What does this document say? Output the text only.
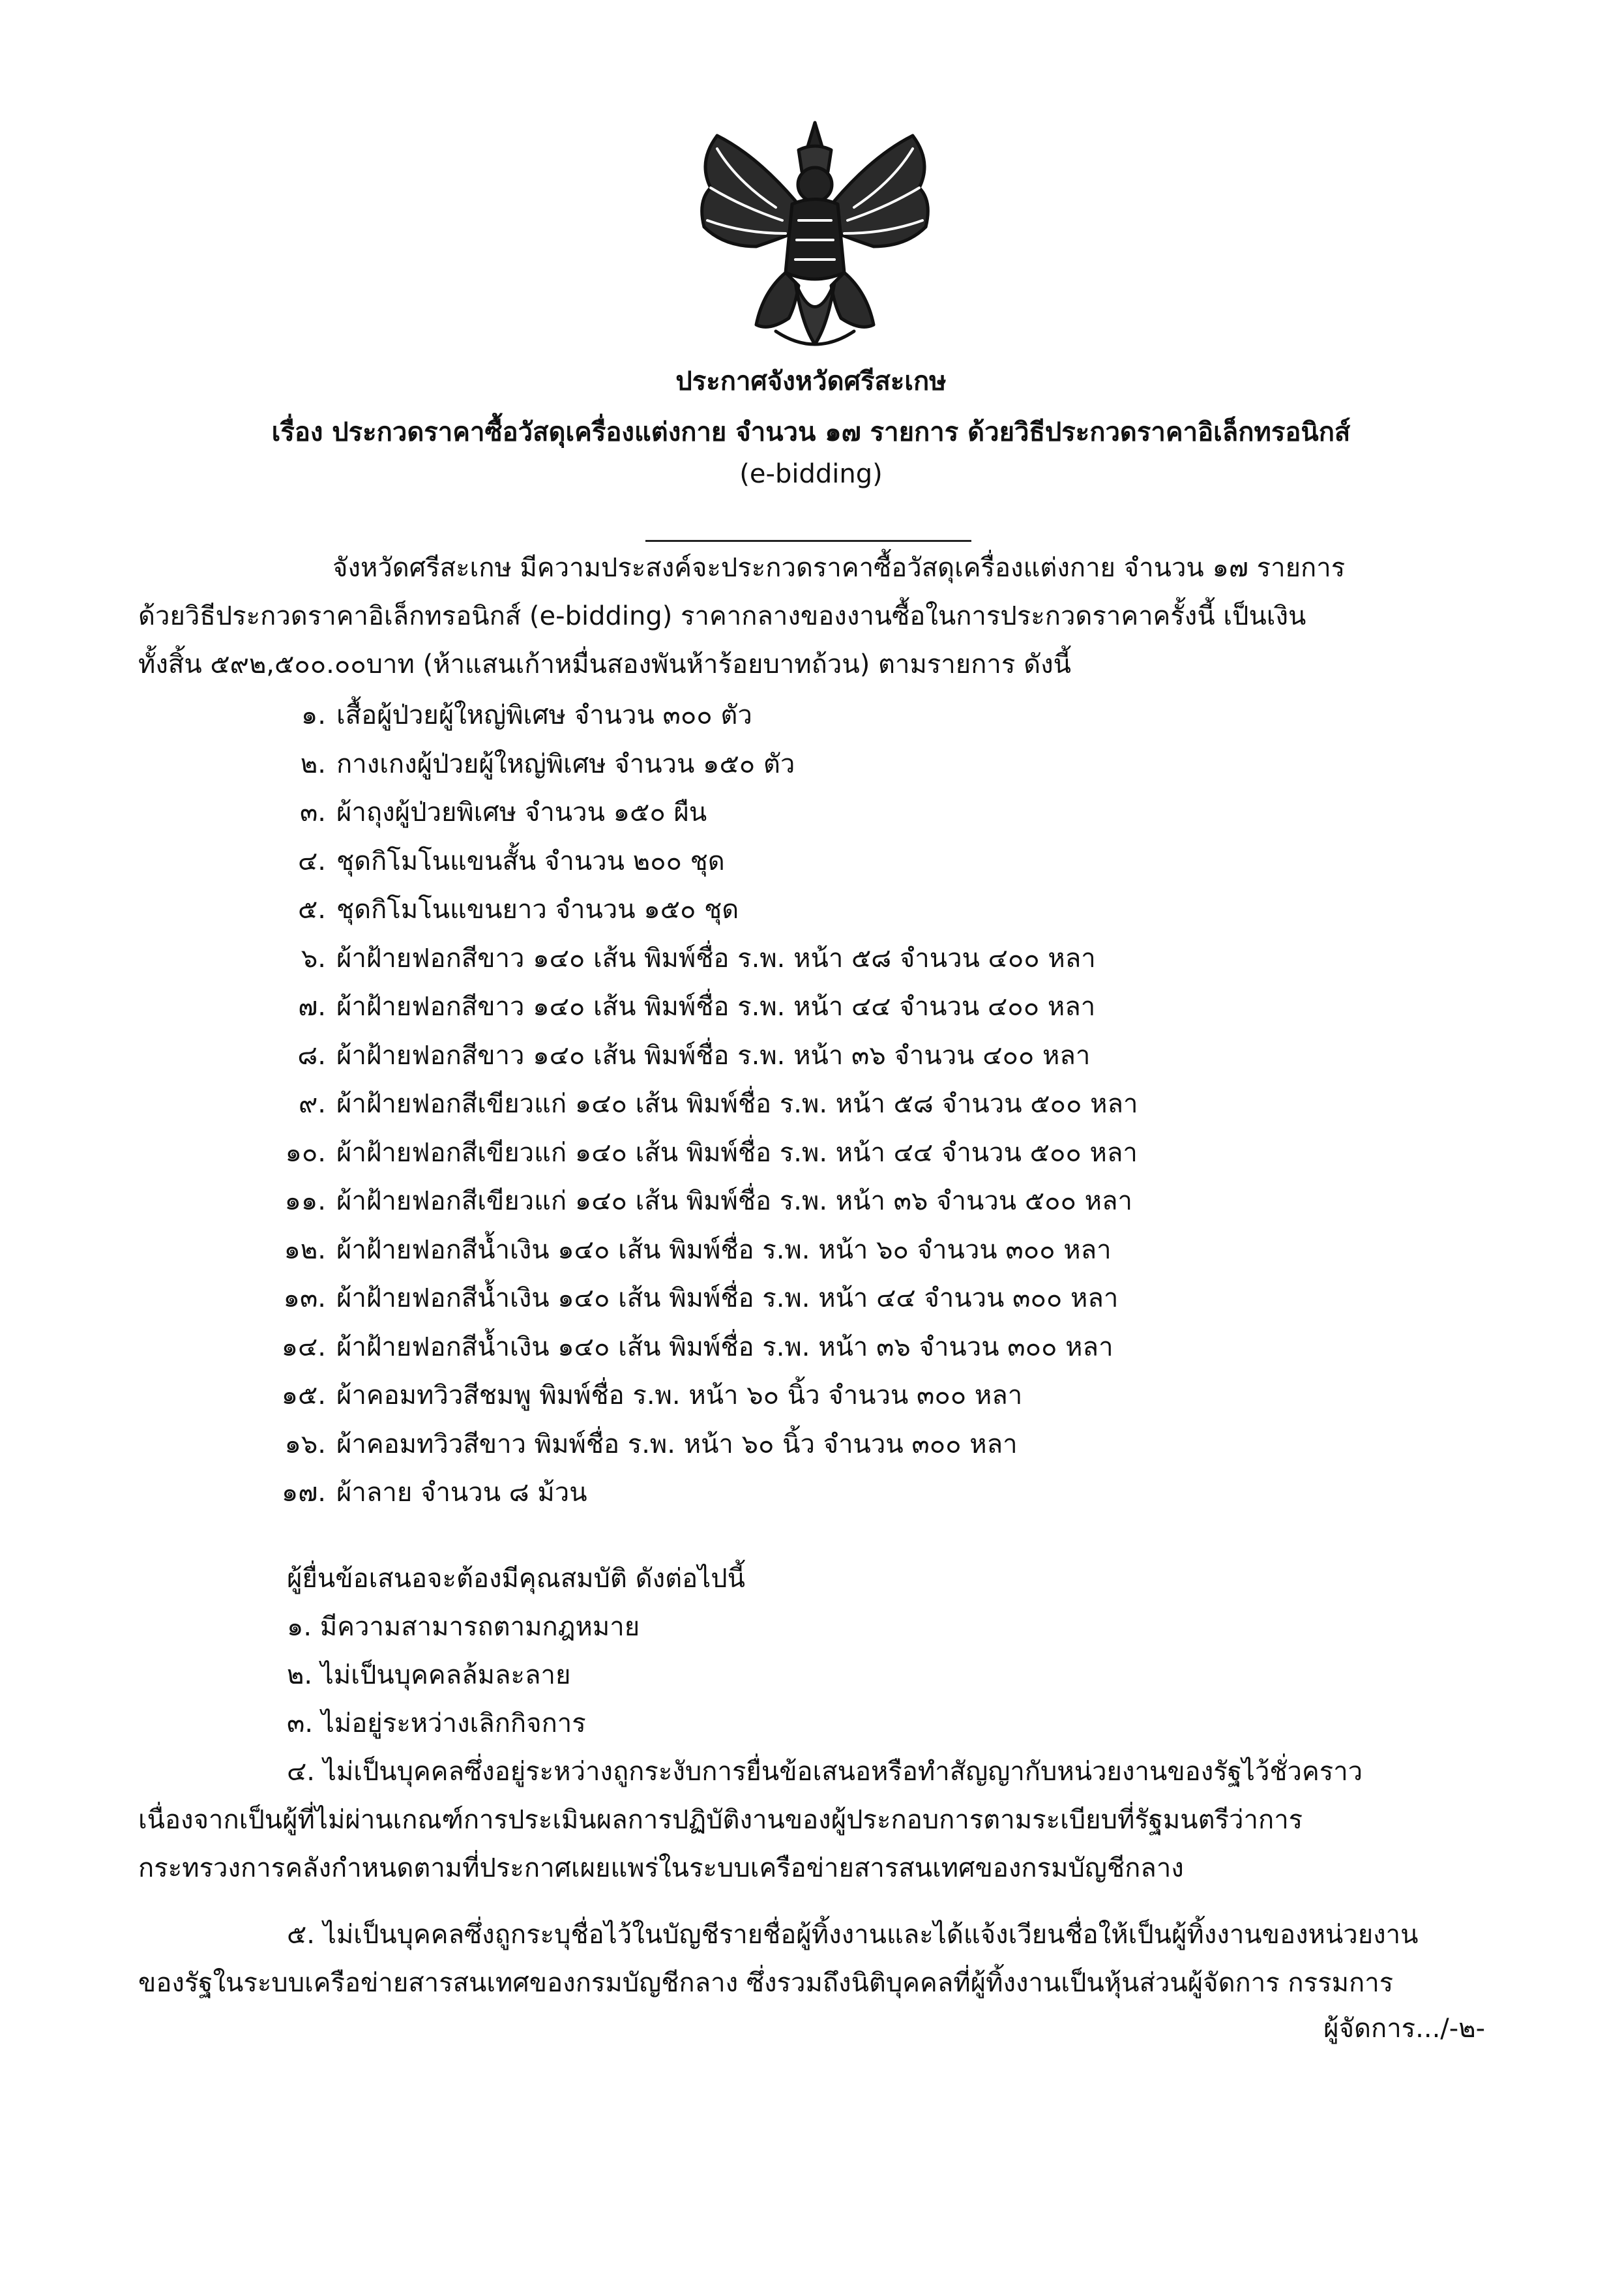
ประกาศจังหวัดศรีสะเกษ
เรื่อง ประกวดราคาซื้อวัสดุเครื่องแต่งกาย จำนวน ๑๗ รายการ ด้วยวิธีประกวดราคาอิเล็กทรอนิกส์
(e-bidding)
จังหวัดศรีสะเกษ มีความประสงค์จะประกวดราคาซื้อวัสดุเครื่องแต่งกาย จำนวน ๑๗ รายการ
ด้วยวิธีประกวดราคาอิเล็กทรอนิกส์ (e-bidding) ราคากลางของงานซื้อในการประกวดราคาครั้งนี้ เป็นเงิน
ทั้งสิ้น ๕๙๒,๕๐๐.๐๐บาท (ห้าแสนเก้าหมื่นสองพันห้าร้อยบาทถ้วน) ตามรายการ ดังนี้
๑. เสื้อผู้ป่วยผู้ใหญ่พิเศษ จำนวน ๓๐๐ ตัว
๒. กางเกงผู้ป่วยผู้ใหญ่พิเศษ จำนวน ๑๕๐ ตัว
๓. ผ้าถุงผู้ป่วยพิเศษ จำนวน ๑๕๐ ผืน
๔. ชุดกิโมโนแขนสั้น จำนวน ๒๐๐ ชุด
๕. ชุดกิโมโนแขนยาว จำนวน ๑๕๐ ชุด
๖. ผ้าฝ้ายฟอกสีขาว ๑๔๐ เส้น พิมพ์ชื่อ ร.พ. หน้า ๕๘ จำนวน ๔๐๐ หลา
๗. ผ้าฝ้ายฟอกสีขาว ๑๔๐ เส้น พิมพ์ชื่อ ร.พ. หน้า ๔๔ จำนวน ๔๐๐ หลา
๘. ผ้าฝ้ายฟอกสีขาว ๑๔๐ เส้น พิมพ์ชื่อ ร.พ. หน้า ๓๖ จำนวน ๔๐๐ หลา
๙. ผ้าฝ้ายฟอกสีเขียวแก่ ๑๔๐ เส้น พิมพ์ชื่อ ร.พ. หน้า ๕๘ จำนวน ๕๐๐ หลา
๑๐. ผ้าฝ้ายฟอกสีเขียวแก่ ๑๔๐ เส้น พิมพ์ชื่อ ร.พ. หน้า ๔๔ จำนวน ๕๐๐ หลา
๑๑. ผ้าฝ้ายฟอกสีเขียวแก่ ๑๔๐ เส้น พิมพ์ชื่อ ร.พ. หน้า ๓๖ จำนวน ๕๐๐ หลา
๑๒. ผ้าฝ้ายฟอกสีน้ำเงิน ๑๔๐ เส้น พิมพ์ชื่อ ร.พ. หน้า ๖๐ จำนวน ๓๐๐ หลา
๑๓. ผ้าฝ้ายฟอกสีน้ำเงิน ๑๔๐ เส้น พิมพ์ชื่อ ร.พ. หน้า ๔๔ จำนวน ๓๐๐ หลา
๑๔. ผ้าฝ้ายฟอกสีน้ำเงิน ๑๔๐ เส้น พิมพ์ชื่อ ร.พ. หน้า ๓๖ จำนวน ๓๐๐ หลา
๑๕. ผ้าคอมทวิวสีชมพู พิมพ์ชื่อ ร.พ. หน้า ๖๐ นิ้ว จำนวน ๓๐๐ หลา
๑๖. ผ้าคอมทวิวสีขาว พิมพ์ชื่อ ร.พ. หน้า ๖๐ นิ้ว จำนวน ๓๐๐ หลา
๑๗. ผ้าลาย จำนวน ๘ ม้วน
ผู้ยื่นข้อเสนอจะต้องมีคุณสมบัติ ดังต่อไปนี้
๑. มีความสามารถตามกฎหมาย
๒. ไม่เป็นบุคคลล้มละลาย
๓. ไม่อยู่ระหว่างเลิกกิจการ
๔. ไม่เป็นบุคคลซึ่งอยู่ระหว่างถูกระงับการยื่นข้อเสนอหรือทำสัญญากับหน่วยงานของรัฐไว้ชั่วคราว
เนื่องจากเป็นผู้ที่ไม่ผ่านเกณฑ์การประเมินผลการปฏิบัติงานของผู้ประกอบการตามระเบียบที่รัฐมนตรีว่าการ
กระทรวงการคลังกำหนดตามที่ประกาศเผยแพร่ในระบบเครือข่ายสารสนเทศของกรมบัญชีกลาง
๕. ไม่เป็นบุคคลซึ่งถูกระบุชื่อไว้ในบัญชีรายชื่อผู้ทิ้งงานและได้แจ้งเวียนชื่อให้เป็นผู้ทิ้งงานของหน่วยงาน
ของรัฐในระบบเครือข่ายสารสนเทศของกรมบัญชีกลาง ซึ่งรวมถึงนิติบุคคลที่ผู้ทิ้งงานเป็นหุ้นส่วนผู้จัดการ กรรมการ
ผู้จัดการ.../-๒-
